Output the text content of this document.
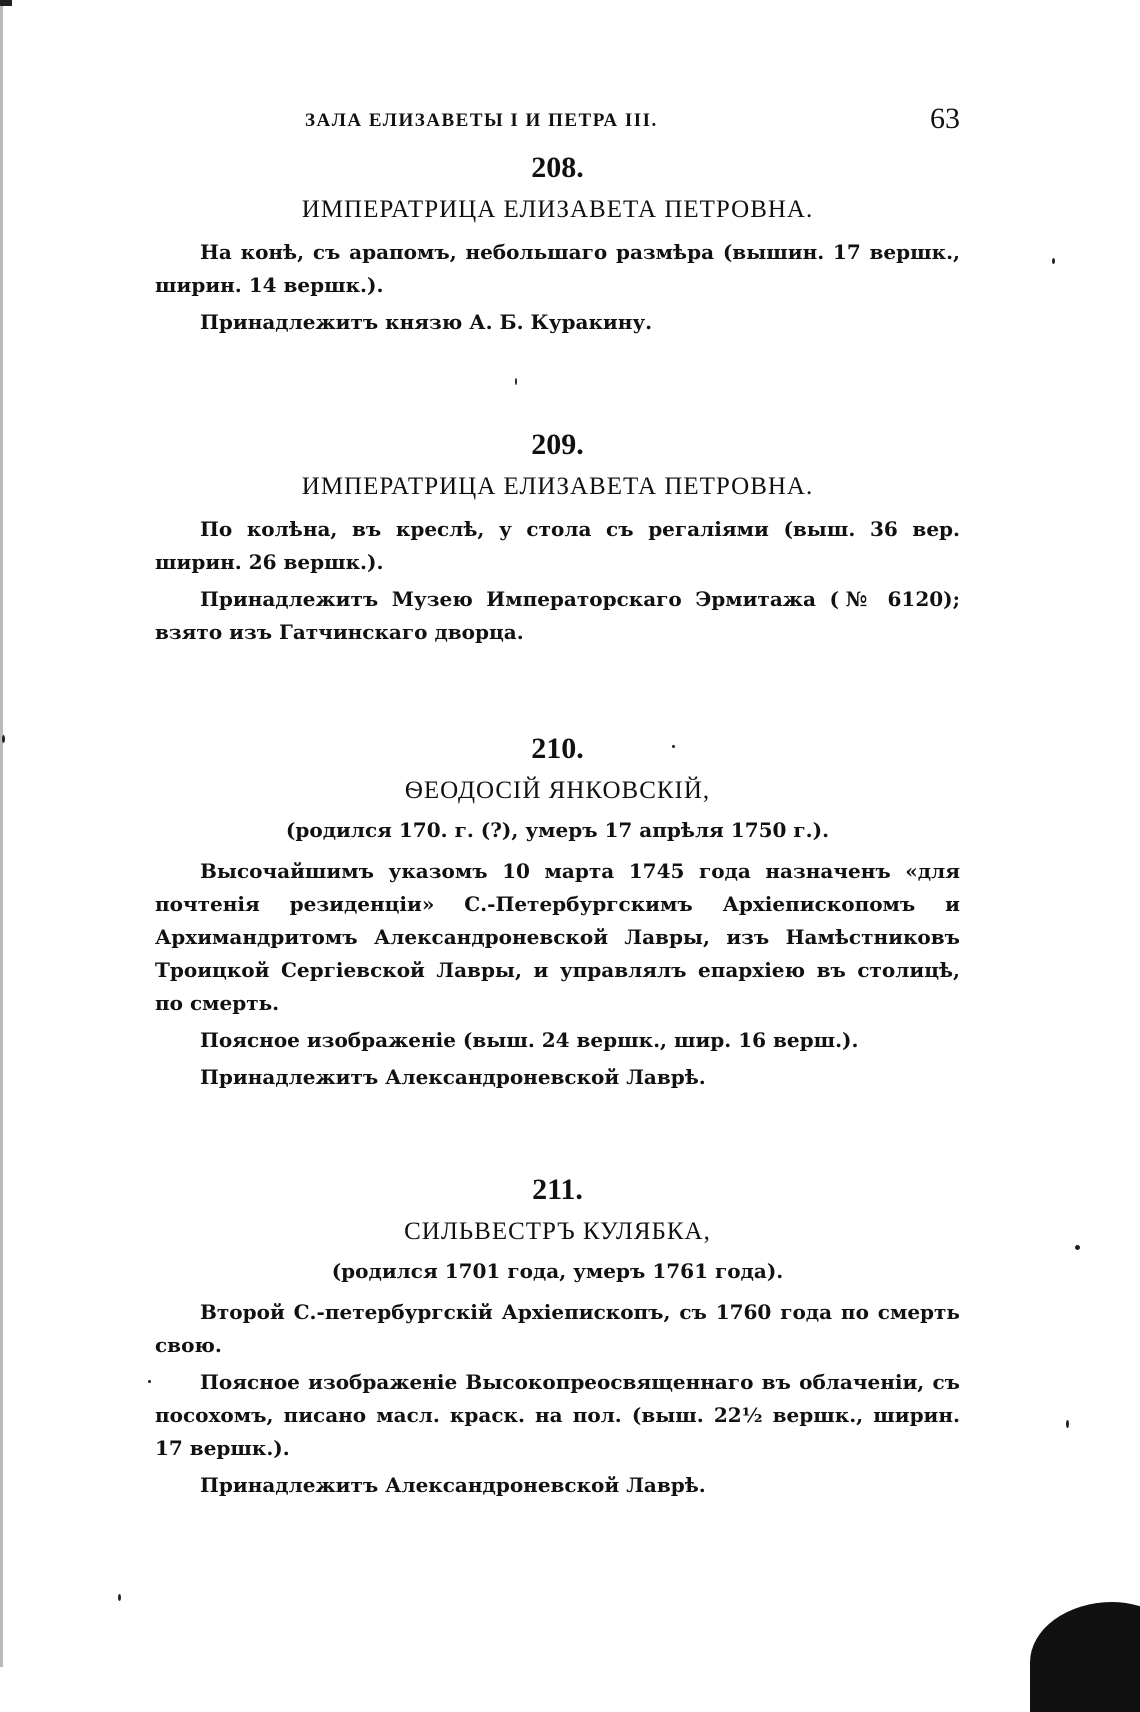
ЗАЛА ЕЛИЗАВЕТЫ I И ПЕТРА III.	63
208.
ИМПЕРАТРИЦА ЕЛИЗАВЕТА ПЕТРОВНА.

На конѣ, съ арапомъ, небольшаго размѣра (вышин. 17 вершк., ширин. 14 вершк.).

Принадлежитъ князю А. Б. Куракину.

209.
ИМПЕРАТРИЦА ЕЛИЗАВЕТА ПЕТРОВНА.

По колѣна, въ креслѣ, у стола съ регаліями (выш. 36 вер. ширин. 26 вершк.).

Принадлежитъ Музею Императорскаго Эрмитажа (№ 6120); взято изъ Гатчинскаго дворца.

210.
ѲЕОДОСІЙ ЯНКОВСКІЙ,
(родился 170. г. (?), умеръ 17 апрѣля 1750 г.).

Высочайшимъ указомъ 10 марта 1745 года назначенъ «для почтенія резиденціи» С.-Петербургскимъ Архіепископомъ и Архимандритомъ Александроневской Лавры, изъ Намѣстниковъ Троицкой Сергіевской Лавры, и управлялъ епархіею въ столицѣ, по смерть.

Поясное изображеніе (выш. 24 вершк., шир. 16 верш.).

Принадлежитъ Александроневской Лаврѣ.

211.
СИЛЬВЕСТРЪ КУЛЯБКА,
(родился 1701 года, умеръ 1761 года).

Второй С.-петербургскій Архіепископъ, съ 1760 года по смерть свою.

Поясное изображеніе Высокопреосвященнаго въ облаченіи, съ посохомъ, писано масл. краск. на пол. (выш. 22½ вершк., ширин. 17 вершк.).

Принадлежитъ Александроневской Лаврѣ.
